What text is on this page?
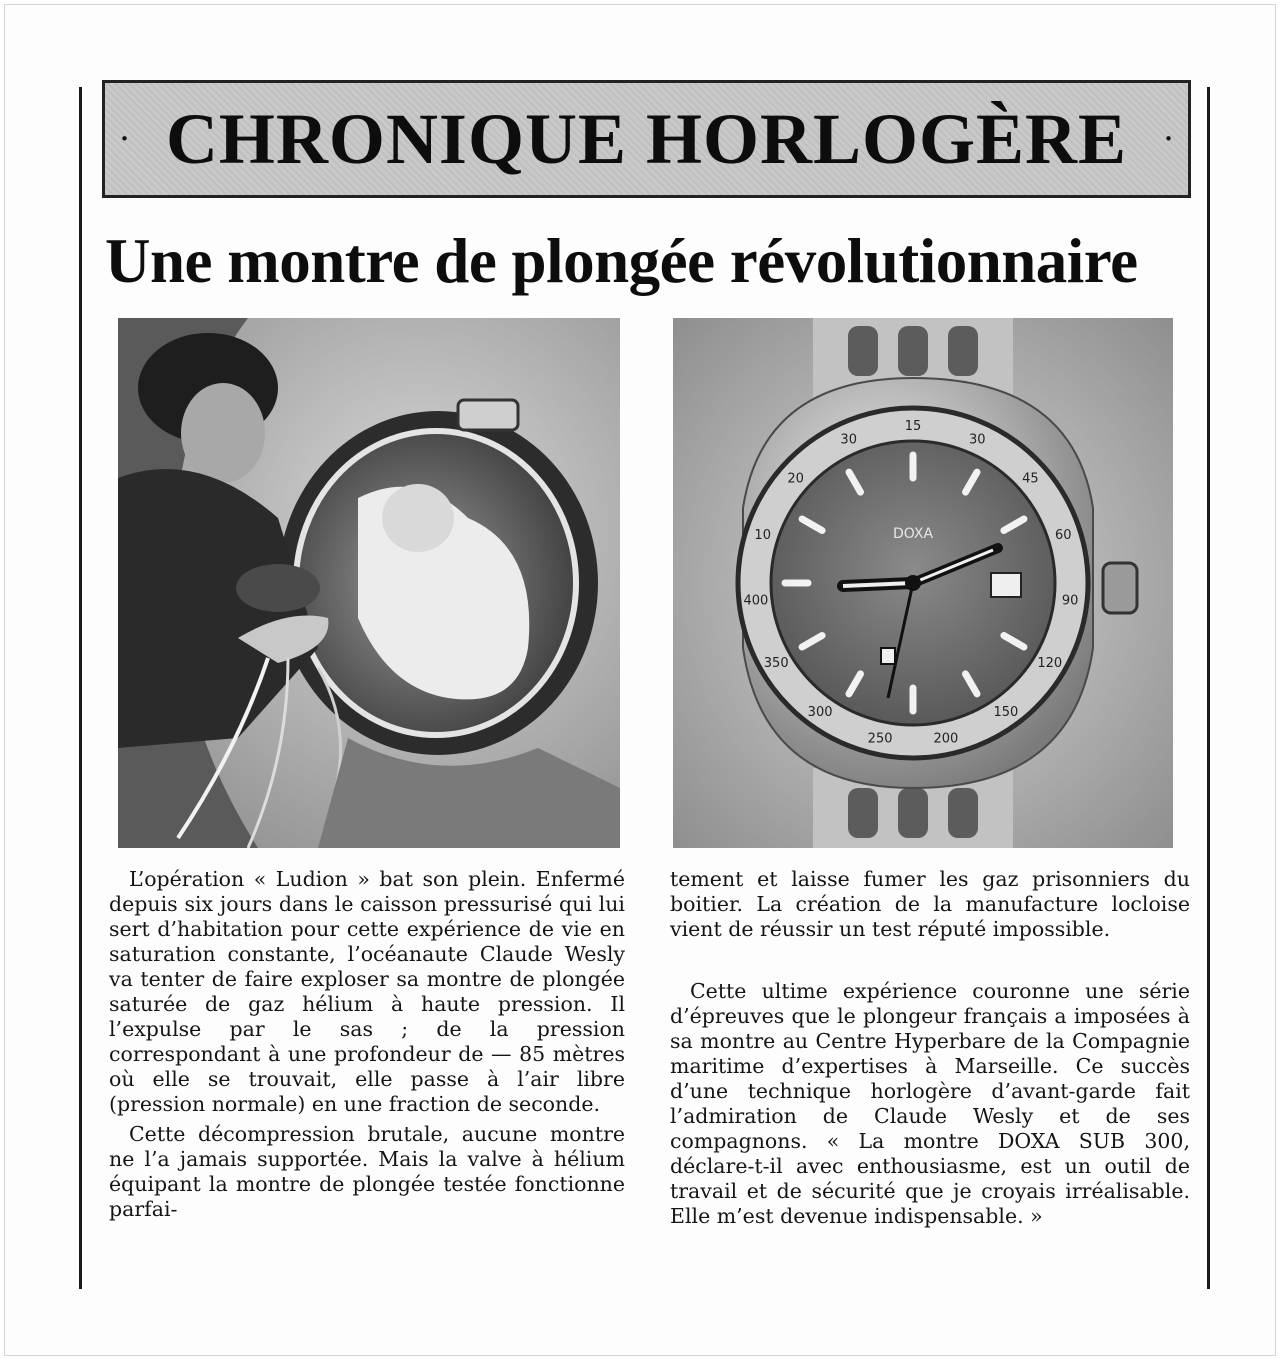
· CHRONIQUE HORLOGÈRE ·
Une montre de plongée révolutionnaire
15
30
45
60
90
120
150
200
250
300
350
400
10
20
30
DOXA

L’opération « Ludion » bat son plein. Enfermé depuis six jours dans le caisson pressurisé qui lui sert d’habitation pour cette expérience de vie en saturation constante, l’océanaute Claude Wesly va tenter de faire exploser sa montre de plongée saturée de gaz hélium à haute pression. Il l’expulse par le sas ; de la pression correspondant à une profondeur de — 85 mètres où elle se trouvait, elle passe à l’air libre (pression normale) en une fraction de seconde.

Cette décompression brutale, aucune montre ne l’a jamais supportée. Mais la valve à hélium équipant la montre de plongée testée fonctionne parfai-

tement et laisse fumer les gaz prisonniers du boitier. La création de la manufacture locloise vient de réussir un test réputé impossible.

Cette ultime expérience couronne une série d’épreuves que le plongeur français a imposées à sa montre au Centre Hyperbare de la Compagnie maritime d’expertises à Marseille. Ce succès d’une technique horlogère d’avant-garde fait l’admiration de Claude Wesly et de ses compagnons. « La montre DOXA SUB 300, déclare-t-il avec enthousiasme, est un outil de travail et de sécurité que je croyais irréalisable. Elle m’est devenue indispensable. »
